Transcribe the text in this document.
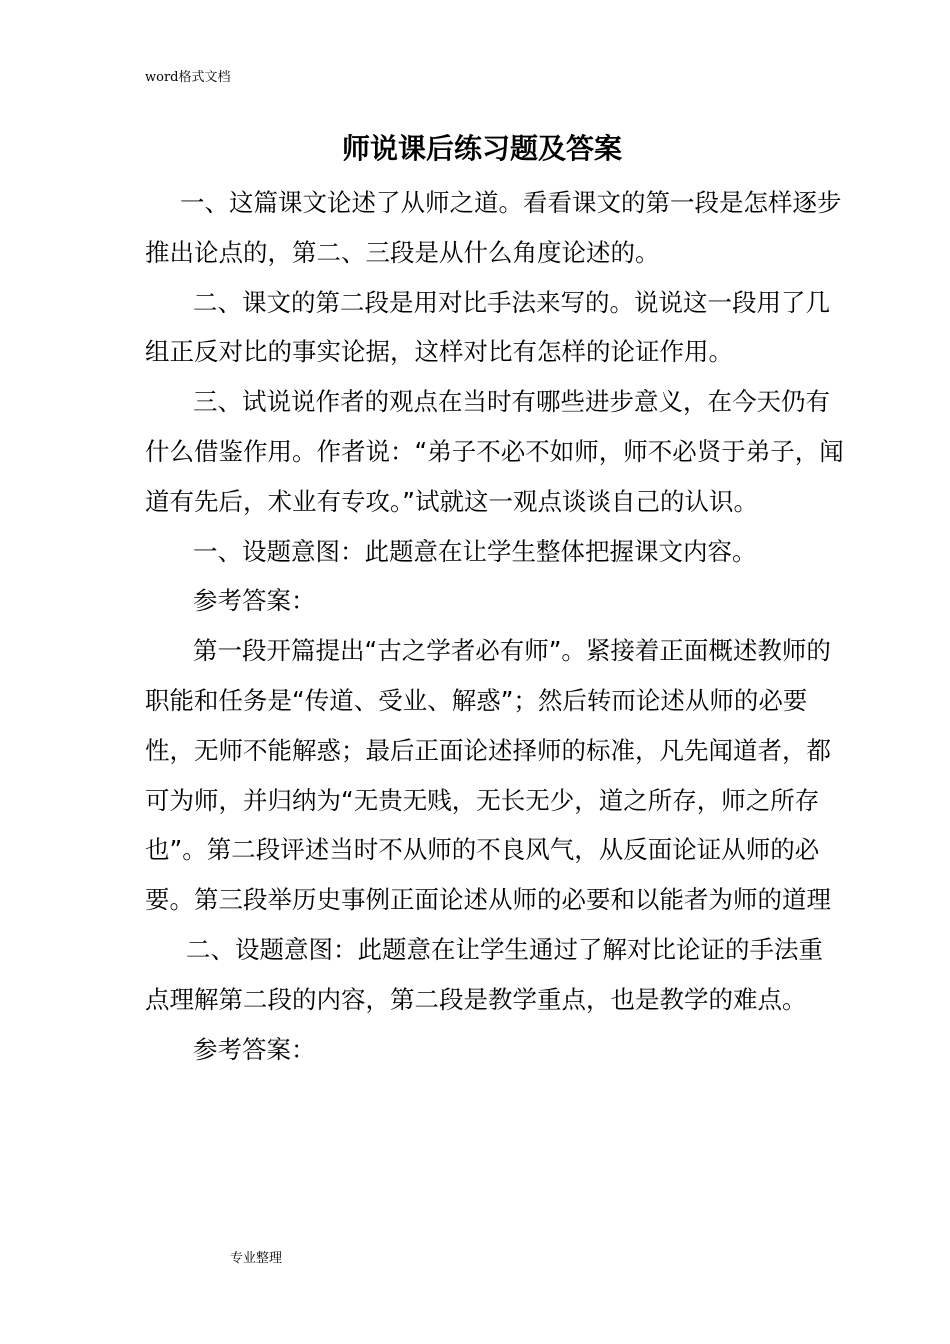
word格式文档
师说课后练习题及答案

一、这篇课文论述了从师之道。看看课文的第一段是怎样逐步推出论点的，第二、三段是从什么角度论述的。

二、课文的第二段是用对比手法来写的。说说这一段用了几组正反对比的事实论据，这样对比有怎样的论证作用。

三、试说说作者的观点在当时有哪些进步意义，在今天仍有什么借鉴作用。作者说：“弟子不必不如师，师不必贤于弟子，闻道有先后，术业有专攻。”试就这一观点谈谈自己的认识。

一、设题意图：此题意在让学生整体把握课文内容。

参考答案：

第一段开篇提出“古之学者必有师”。紧接着正面概述教师的职能和任务是“传道、受业、解惑”；然后转而论述从师的必要性，无师不能解惑；最后正面论述择师的标准，凡先闻道者，都可为师，并归纳为“无贵无贱，无长无少，道之所存，师之所存也”。第二段评述当时不从师的不良风气，从反面论证从师的必要。第三段举历史事例正面论述从师的必要和以能者为师的道理

二、设题意图：此题意在让学生通过了解对比论证的手法重点理解第二段的内容，第二段是教学重点，也是教学的难点。

参考答案：

专业整理
